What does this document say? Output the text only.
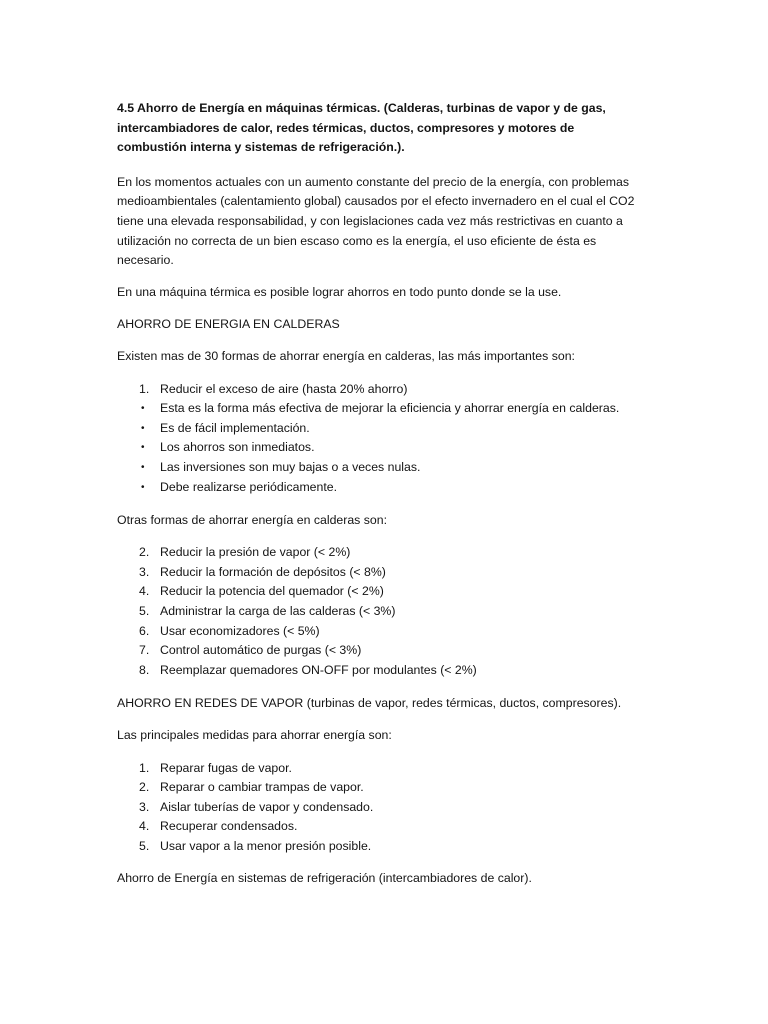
4.5 Ahorro de Energía en máquinas térmicas. (Calderas, turbinas de vapor y de gas, intercambiadores de calor, redes térmicas, ductos, compresores y motores de combustión interna y sistemas de refrigeración.).

En los momentos actuales con un aumento constante del precio de la energía, con problemas medioambientales (calentamiento global) causados por el efecto invernadero en el cual el CO2 tiene una elevada responsabilidad, y con legislaciones cada vez más restrictivas en cuanto a utilización no correcta de un bien escaso como es la energía, el uso eficiente de ésta es necesario.

En una máquina térmica es posible lograr ahorros en todo punto donde se la use.

AHORRO DE ENERGIA EN CALDERAS

Existen mas de 30 formas de ahorrar energía en calderas, las más importantes son:

1. Reducir el exceso de aire (hasta 20% ahorro)
• Esta es la forma más efectiva de mejorar la eficiencia y ahorrar energía en calderas.
• Es de fácil implementación.
• Los ahorros son inmediatos.
• Las inversiones son muy bajas o a veces nulas.
• Debe realizarse periódicamente.

Otras formas de ahorrar energía en calderas son:

2. Reducir la presión de vapor (< 2%)
3. Reducir la formación de depósitos (< 8%)
4. Reducir la potencia del quemador (< 2%)
5. Administrar la carga de las calderas (< 3%)
6. Usar economizadores (< 5%)
7. Control automático de purgas (< 3%)
8. Reemplazar quemadores ON-OFF por modulantes (< 2%)

AHORRO EN REDES DE VAPOR (turbinas de vapor, redes térmicas, ductos, compresores).

Las principales medidas para ahorrar energía son:

1. Reparar fugas de vapor.
2. Reparar o cambiar trampas de vapor.
3. Aislar tuberías de vapor y condensado.
4. Recuperar condensados.
5. Usar vapor a la menor presión posible.

Ahorro de Energía en sistemas de refrigeración (intercambiadores de calor).
